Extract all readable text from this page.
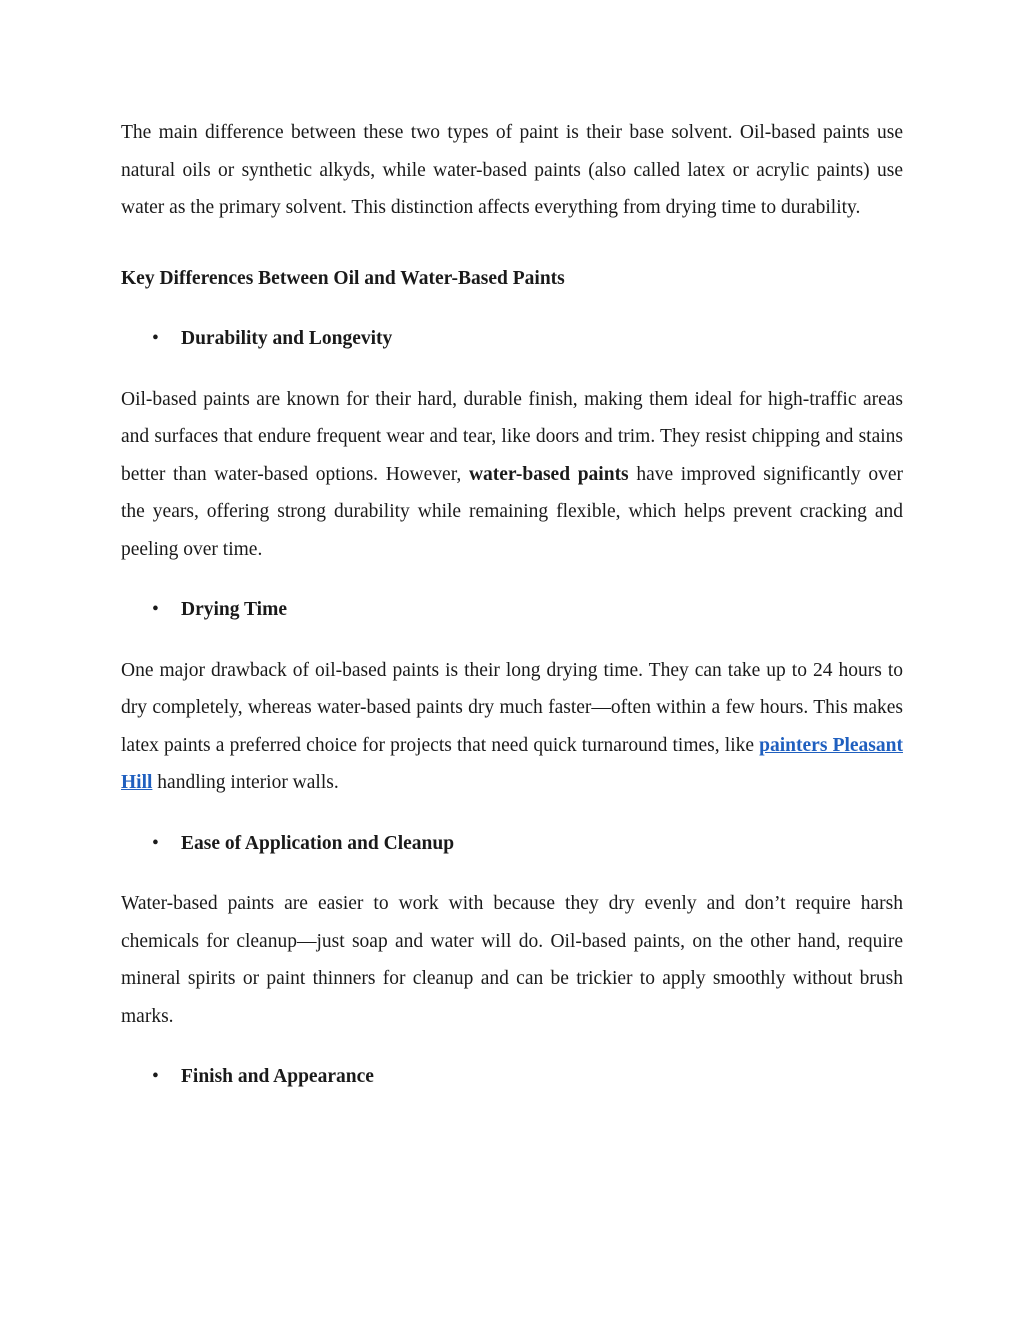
The main difference between these two types of paint is their base solvent. Oil-based paints use natural oils or synthetic alkyds, while water-based paints (also called latex or acrylic paints) use water as the primary solvent. This distinction affects everything from drying time to durability.

Key Differences Between Oil and Water-Based Paints
•	Durability and Longevity

Oil-based paints are known for their hard, durable finish, making them ideal for high-traffic areas and surfaces that endure frequent wear and tear, like doors and trim. They resist chipping and stains better than water-based options. However, water-based paints have improved significantly over the years, offering strong durability while remaining flexible, which helps prevent cracking and peeling over time.

•	Drying Time

One major drawback of oil-based paints is their long drying time. They can take up to 24 hours to dry completely, whereas water-based paints dry much faster—often within a few hours. This makes latex paints a preferred choice for projects that need quick turnaround times, like painters Pleasant Hill handling interior walls.

•	Ease of Application and Cleanup

Water-based paints are easier to work with because they dry evenly and don’t require harsh chemicals for cleanup—just soap and water will do. Oil-based paints, on the other hand, require mineral spirits or paint thinners for cleanup and can be trickier to apply smoothly without brush marks.

•	Finish and Appearance
